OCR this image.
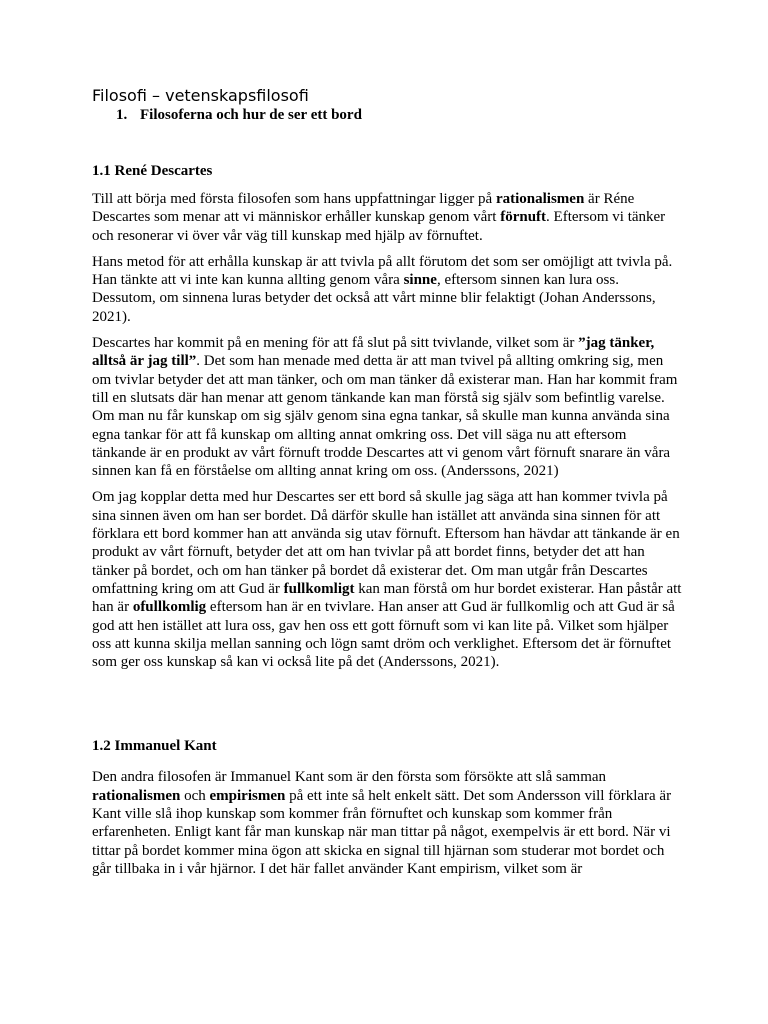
Filosofi – vetenskapsfilosofi
1. Filosoferna och hur de ser ett bord
1.1 René Descartes

Till att börja med första filosofen som hans uppfattningar ligger på rationalismen är Réne Descartes som menar att vi människor erhåller kunskap genom vårt förnuft. Eftersom vi tänker och resonerar vi över vår väg till kunskap med hjälp av förnuftet.

Hans metod för att erhålla kunskap är att tvivla på allt förutom det som ser omöjligt att tvivla på. Han tänkte att vi inte kan kunna allting genom våra sinne, eftersom sinnen kan lura oss. Dessutom, om sinnena luras betyder det också att vårt minne blir felaktigt (Johan Anderssons, 2021).

Descartes har kommit på en mening för att få slut på sitt tvivlande, vilket som är ”jag tänker, alltså är jag till”. Det som han menade med detta är att man tvivel på allting omkring sig, men om tvivlar betyder det att man tänker, och om man tänker då existerar man. Han har kommit fram till en slutsats där han menar att genom tänkande kan man förstå sig själv som befintlig varelse. Om man nu får kunskap om sig själv genom sina egna tankar, så skulle man kunna använda sina egna tankar för att få kunskap om allting annat omkring oss. Det vill säga nu att eftersom tänkande är en produkt av vårt förnuft trodde Descartes att vi genom vårt förnuft snarare än våra sinnen kan få en förståelse om allting annat kring om oss. (Anderssons, 2021)

Om jag kopplar detta med hur Descartes ser ett bord så skulle jag säga att han kommer tvivla på sina sinnen även om han ser bordet. Då därför skulle han istället att använda sina sinnen för att förklara ett bord kommer han att använda sig utav förnuft. Eftersom han hävdar att tänkande är en produkt av vårt förnuft, betyder det att om han tvivlar på att bordet finns, betyder det att han tänker på bordet, och om han tänker på bordet då existerar det. Om man utgår från Descartes omfattning kring om att Gud är fullkomligt kan man förstå om hur bordet existerar. Han påstår att han är ofullkomlig eftersom han är en tvivlare. Han anser att Gud är fullkomlig och att Gud är så god att hen istället att lura oss, gav hen oss ett gott förnuft som vi kan lite på. Vilket som hjälper oss att kunna skilja mellan sanning och lögn samt dröm och verklighet. Eftersom det är förnuftet som ger oss kunskap så kan vi också lite på det (Anderssons, 2021).

1.2 Immanuel Kant

Den andra filosofen är Immanuel Kant som är den första som försökte att slå samman rationalismen och empirismen på ett inte så helt enkelt sätt. Det som Andersson vill förklara är Kant ville slå ihop kunskap som kommer från förnuftet och kunskap som kommer från erfarenheten. Enligt kant får man kunskap när man tittar på något, exempelvis är ett bord. När vi tittar på bordet kommer mina ögon att skicka en signal till hjärnan som studerar mot bordet och går tillbaka in i vår hjärnor. I det här fallet använder Kant empirism, vilket som är
